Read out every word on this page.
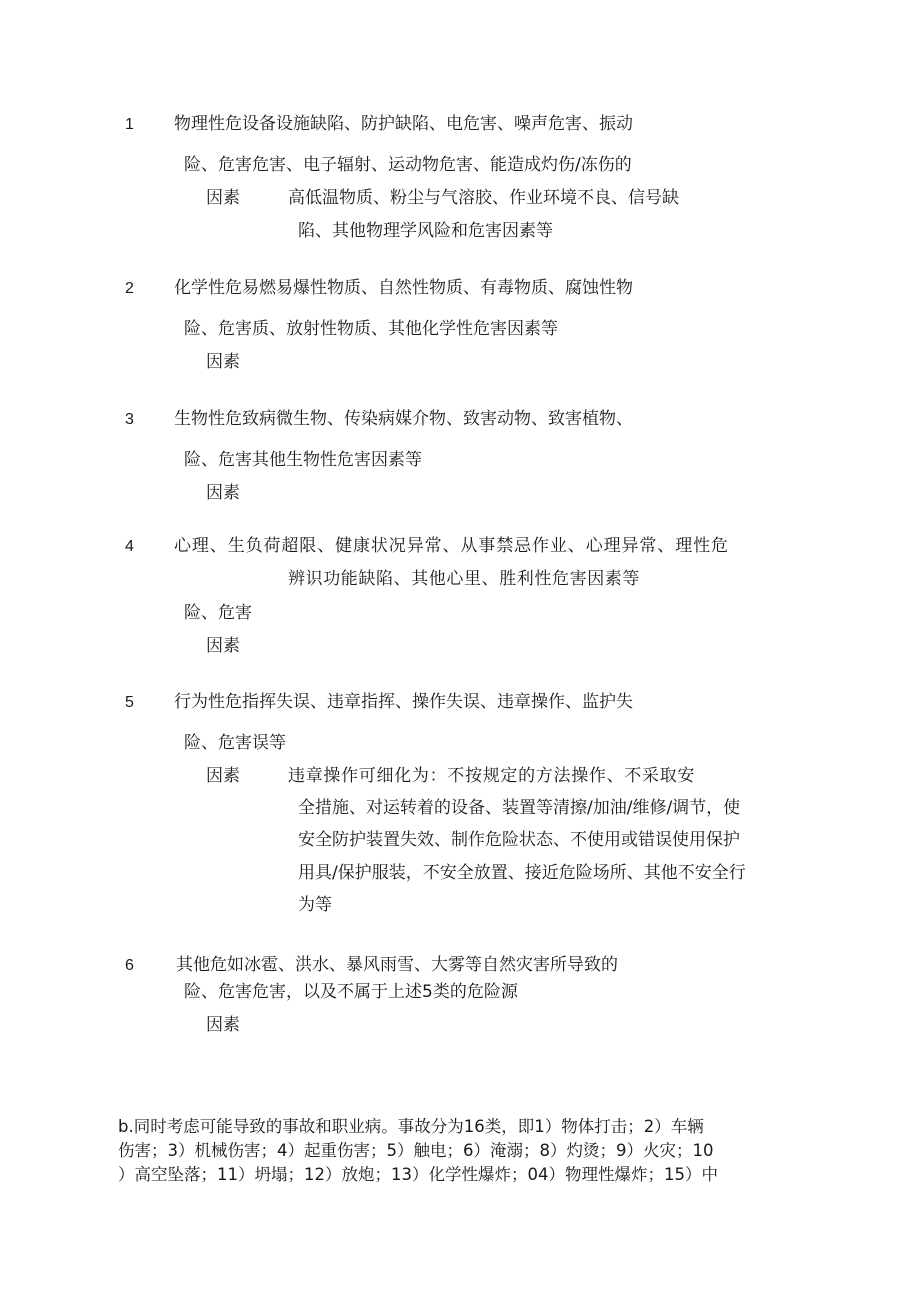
1 物理性危设备设施缺陷、防护缺陷、电危害、噪声危害、振动
险、危害危害、电子辐射、运动物危害、能造成灼伤/冻伤的
因素	高低温物质、粉尘与气溶胶、作业环境不良、信号缺
陷、其他物理学风险和危害因素等
2 化学性危易燃易爆性物质、自然性物质、有毒物质、腐蚀性物
险、危害质、放射性物质、其他化学性危害因素等
因素
3 生物性危致病微生物、传染病媒介物、致害动物、致害植物、
险、危害其他生物性危害因素等
因素
4 心理、生负荷超限、健康状况异常、从事禁忌作业、心理异常、理性危
辨识功能缺陷、其他心里、胜利性危害因素等
险、危害
因素
5 行为性危指挥失误、违章指挥、操作失误、违章操作、监护失
险、危害误等
因素	违章操作可细化为：不按规定的方法操作、不采取安
全措施、对运转着的设备、装置等清擦/加油/维修/调节，使
安全防护装置失效、制作危险状态、不使用或错误使用保护
用具/保护服装，不安全放置、接近危险场所、其他不安全行
为等
6 其他危如冰雹、洪水、暴风雨雪、大雾等自然灾害所导致的
险、危害危害，以及不属于上述5类的危险源
因素
b.同时考虑可能导致的事故和职业病。事故分为16类，即1）物体打击；2）车辆
伤害；3）机械伤害；4）起重伤害；5）触电；6）淹溺；8）灼烫；9）火灾；10
）高空坠落；11）坍塌；12）放炮；13）化学性爆炸；04）物理性爆炸；15）中
